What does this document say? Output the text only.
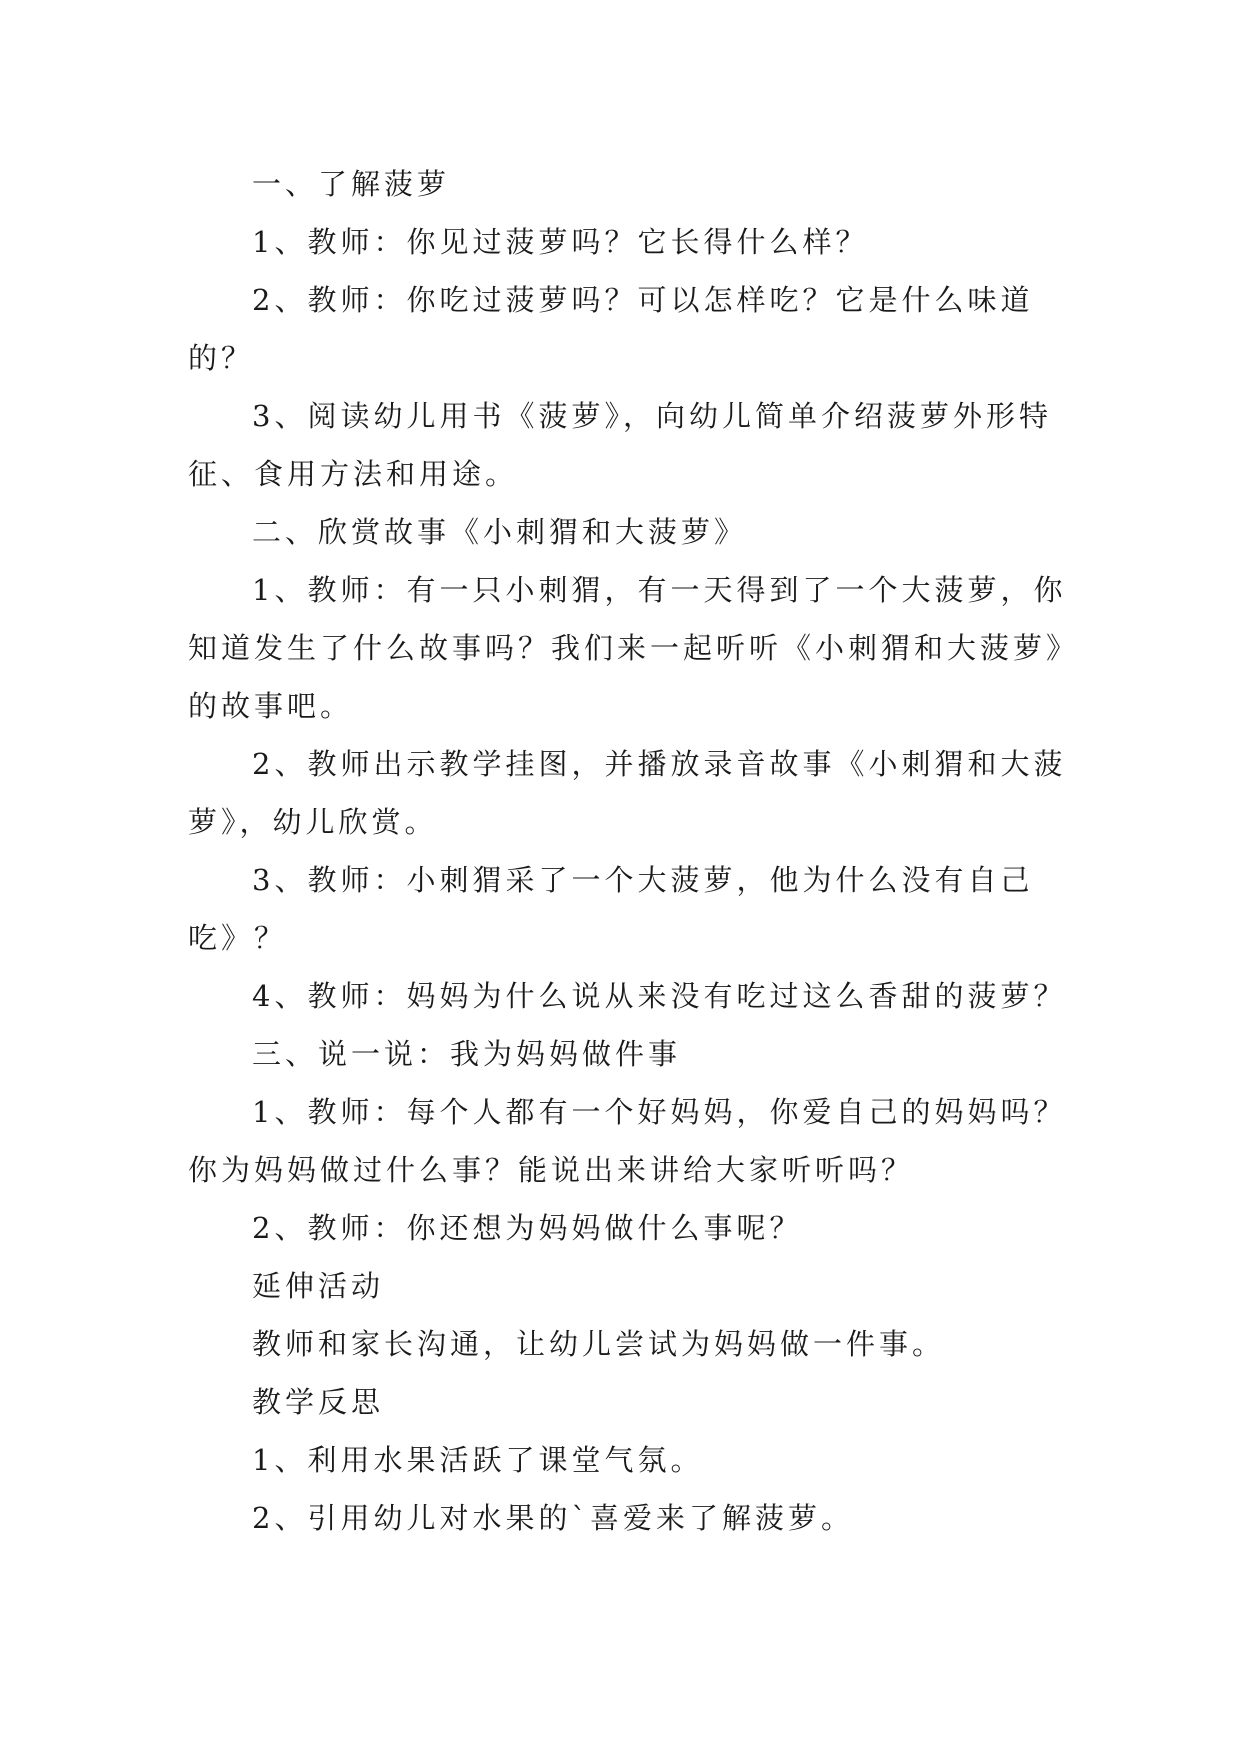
一、了解菠萝

1、教师：你见过菠萝吗？它长得什么样？

2、教师：你吃过菠萝吗？可以怎样吃？它是什么味道的？

3、阅读幼儿用书《菠萝》，向幼儿简单介绍菠萝外形特征、食用方法和用途。

二、欣赏故事《小刺猬和大菠萝》

1、教师：有一只小刺猬，有一天得到了一个大菠萝，你知道发生了什么故事吗？我们来一起听听《小刺猬和大菠萝》的故事吧。

2、教师出示教学挂图，并播放录音故事《小刺猬和大菠萝》，幼儿欣赏。

3、教师：小刺猬采了一个大菠萝，他为什么没有自己吃》？

4、教师：妈妈为什么说从来没有吃过这么香甜的菠萝？

三、说一说：我为妈妈做件事

1、教师：每个人都有一个好妈妈，你爱自己的妈妈吗？你为妈妈做过什么事？能说出来讲给大家听听吗？

2、教师：你还想为妈妈做什么事呢？

延伸活动

教师和家长沟通，让幼儿尝试为妈妈做一件事。

教学反思

1、利用水果活跃了课堂气氛。

2、引用幼儿对水果的`喜爱来了解菠萝。
